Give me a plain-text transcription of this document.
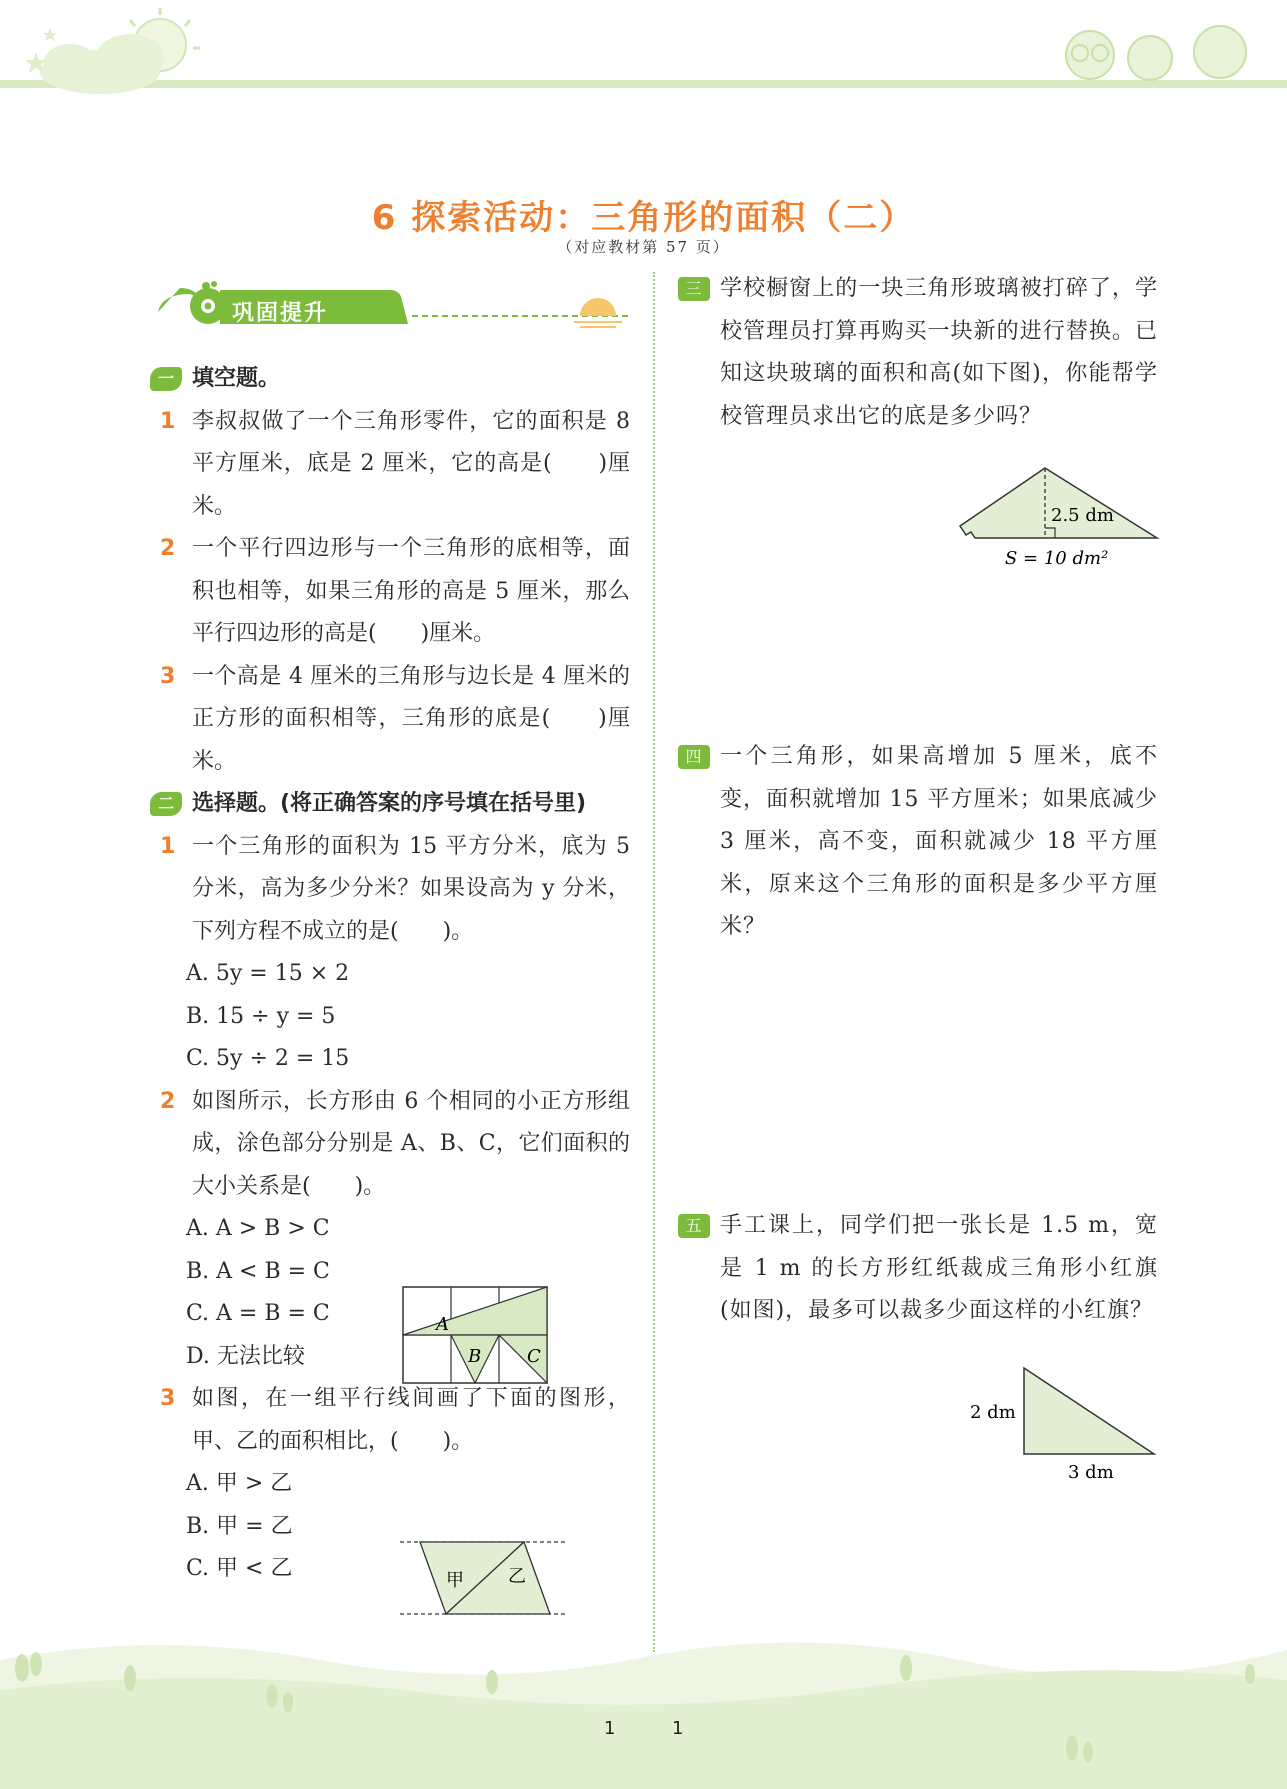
6 探索活动：三角形的面积（二）
（对应教材第 57 页）
巩固提升
一 填空题。
1 李叔叔做了一个三角形零件，它的面积是 8 平方厘米，底是 2 厘米，它的高是(　　)厘米。
2 一个平行四边形与一个三角形的底相等，面积也相等，如果三角形的高是 5 厘米，那么平行四边形的高是(　　)厘米。
3 一个高是 4 厘米的三角形与边长是 4 厘米的正方形的面积相等，三角形的底是(　　)厘米。
二 选择题。(将正确答案的序号填在括号里)
1 一个三角形的面积为 15 平方分米，底为 5 分米，高为多少分米？如果设高为 y 分米，下列方程不成立的是(　　)。
A. 5y = 15 × 2
B. 15 ÷ y = 5
C. 5y ÷ 2 = 15
2 如图所示，长方形由 6 个相同的小正方形组成，涂色部分分别是 A、B、C，它们面积的大小关系是(　　)。
A. A > B > C
B. A < B = C
C. A = B = C
D. 无法比较
3 如图，在一组平行线间画了下面的图形，甲、乙的面积相比，(　　)。
A. 甲 > 乙
B. 甲 = 乙
C. 甲 < 乙
A
B	C
甲 乙
三 学校橱窗上的一块三角形玻璃被打碎了，学校管理员打算再购买一块新的进行替换。已知这块玻璃的面积和高(如下图)，你能帮学校管理员求出它的底是多少吗？
2.5 dm
S = 10 dm²
四 一个三角形，如果高增加 5 厘米，底不变，面积就增加 15 平方厘米；如果底减少 3 厘米，高不变，面积就减少 18 平方厘米，原来这个三角形的面积是多少平方厘米？
五 手工课上，同学们把一张长是 1.5 m，宽是 1 m 的长方形红纸裁成三角形小红旗(如图)，最多可以裁多少面这样的小红旗？
2 dm
3 dm
1	1
